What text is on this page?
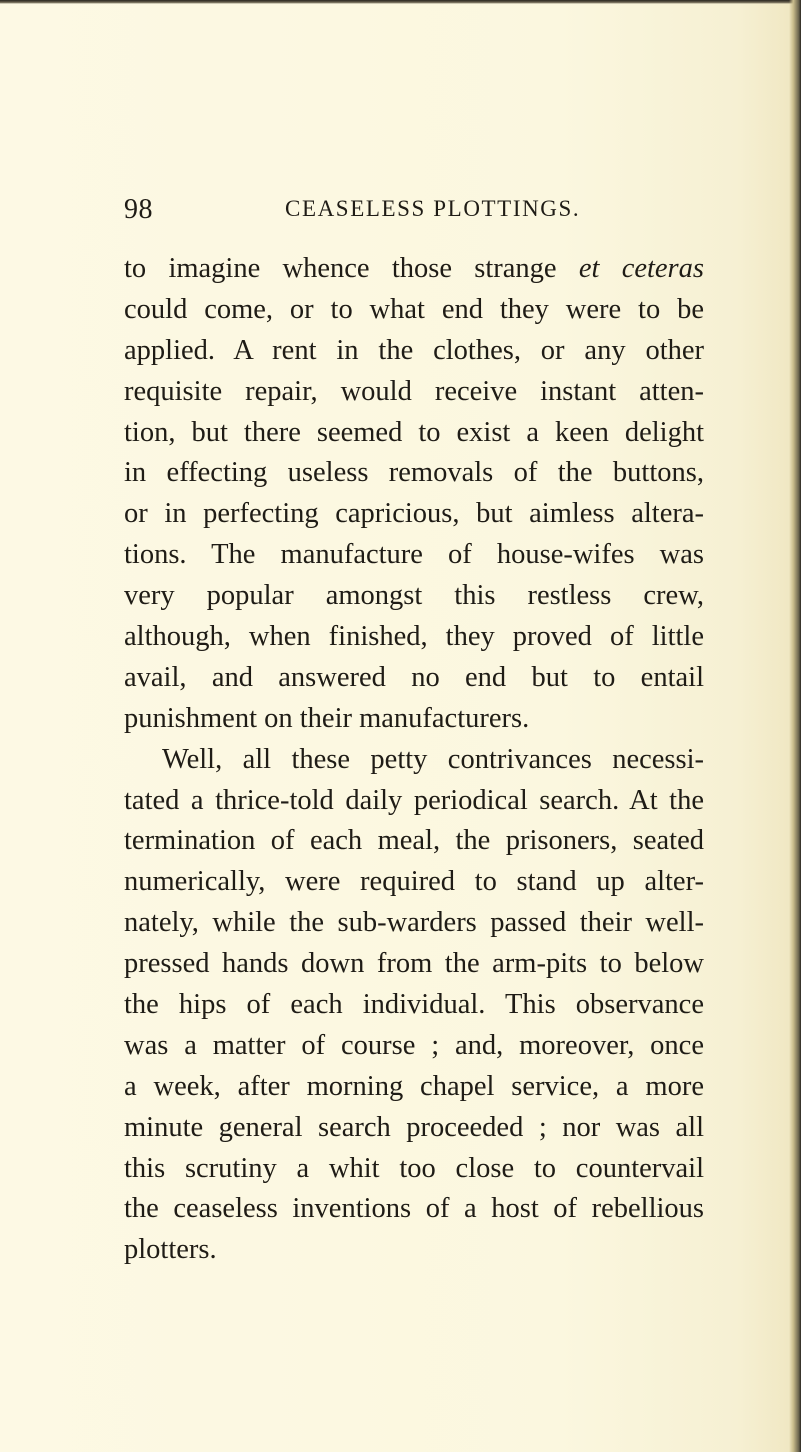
98	CEASELESS PLOTTINGS.
to imagine whence those strange et ceteras
could come, or to what end they were to be
applied. A rent in the clothes, or any other
requisite repair, would receive instant atten-
tion, but there seemed to exist a keen delight
in effecting useless removals of the buttons,
or in perfecting capricious, but aimless altera-
tions. The manufacture of house-wifes was
very popular amongst this restless crew,
although, when finished, they proved of little
avail, and answered no end but to entail
punishment on their manufacturers.
Well, all these petty contrivances necessi-
tated a thrice-told daily periodical search. At the
termination of each meal, the prisoners, seated
numerically, were required to stand up alter-
nately, while the sub-warders passed their well-
pressed hands down from the arm-pits to below
the hips of each individual. This observance
was a matter of course ; and, moreover, once
a week, after morning chapel service, a more
minute general search proceeded ; nor was all
this scrutiny a whit too close to countervail
the ceaseless inventions of a host of rebellious
plotters.
